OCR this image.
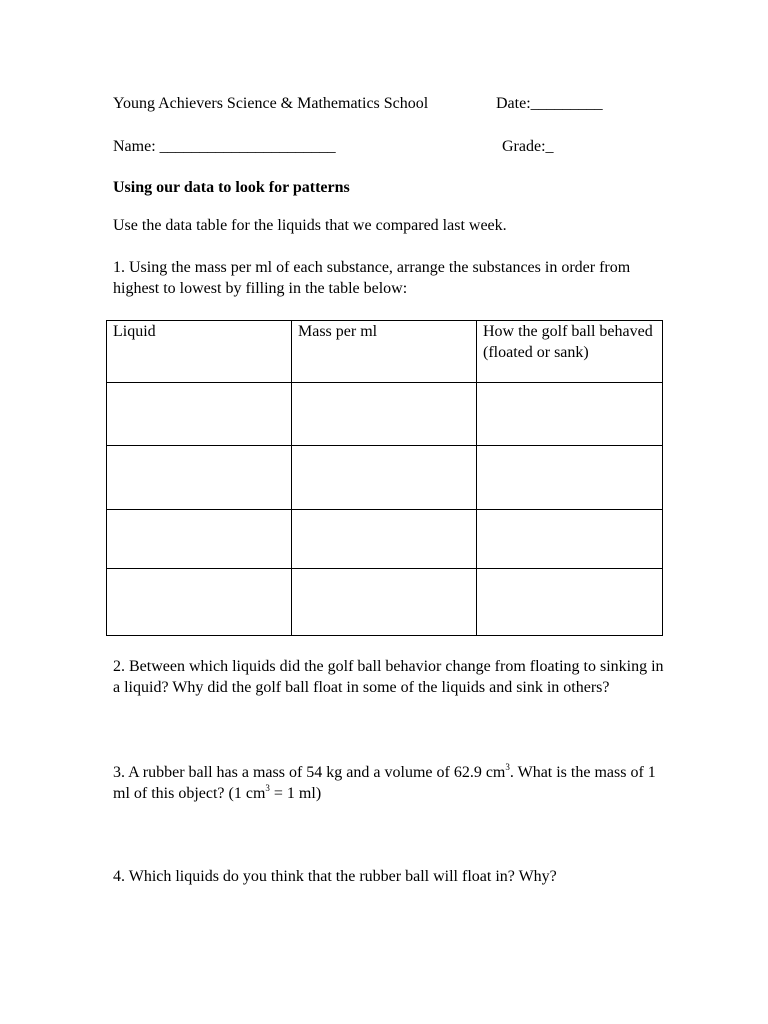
Young Achievers Science & Mathematics School	Date:_________
Name: ______________________	Grade:_
Using our data to look for patterns
Use the data table for the liquids that we compared last week.
1. Using the mass per ml of each substance, arrange the substances in order from highest to lowest by filling in the table below:
Liquid	Mass per ml	How the golf ball behaved (floated or sank)

2. Between which liquids did the golf ball behavior change from floating to sinking in a liquid? Why did the golf ball float in some of the liquids and sink in others?
3. A rubber ball has a mass of 54 kg and a volume of 62.9 $cm^3$. What is the mass of 1 ml of this object? (1 $cm^3 = 1$ ml)
4. Which liquids do you think that the rubber ball will float in? Why?
